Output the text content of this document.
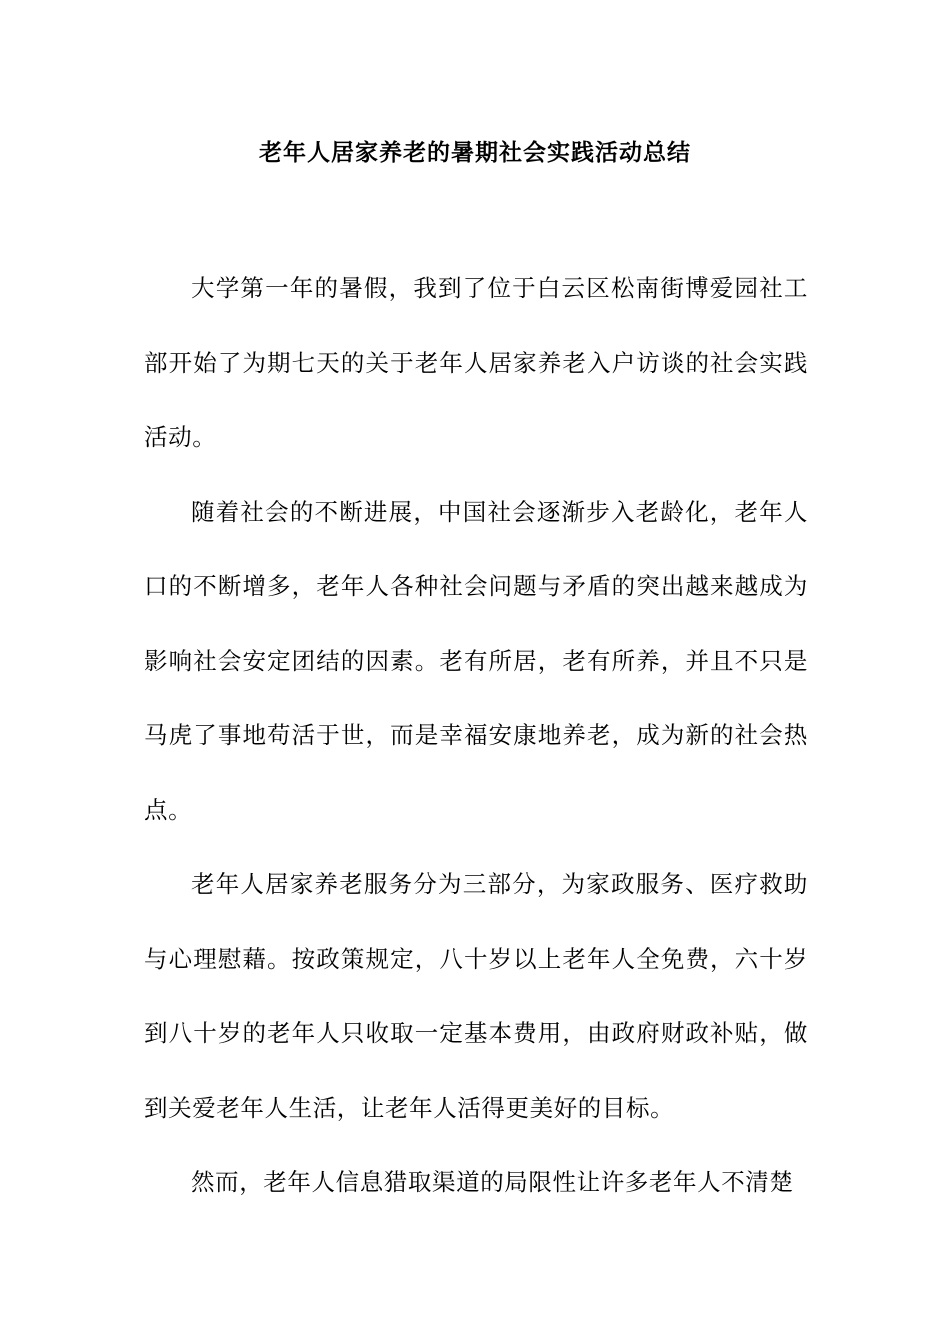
老年人居家养老的暑期社会实践活动总结

大学第一年的暑假，我到了位于白云区松南街博爱园社工部开始了为期七天的关于老年人居家养老入户访谈的社会实践活动。

随着社会的不断进展，中国社会逐渐步入老龄化，老年人口的不断增多，老年人各种社会问题与矛盾的突出越来越成为影响社会安定团结的因素。老有所居，老有所养，并且不只是马虎了事地苟活于世，而是幸福安康地养老，成为新的社会热点。

老年人居家养老服务分为三部分，为家政服务、医疗救助与心理慰藉。按政策规定，八十岁以上老年人全免费，六十岁到八十岁的老年人只收取一定基本费用，由政府财政补贴，做到关爱老年人生活，让老年人活得更美好的目标。

然而，老年人信息猎取渠道的局限性让许多老年人不清楚
